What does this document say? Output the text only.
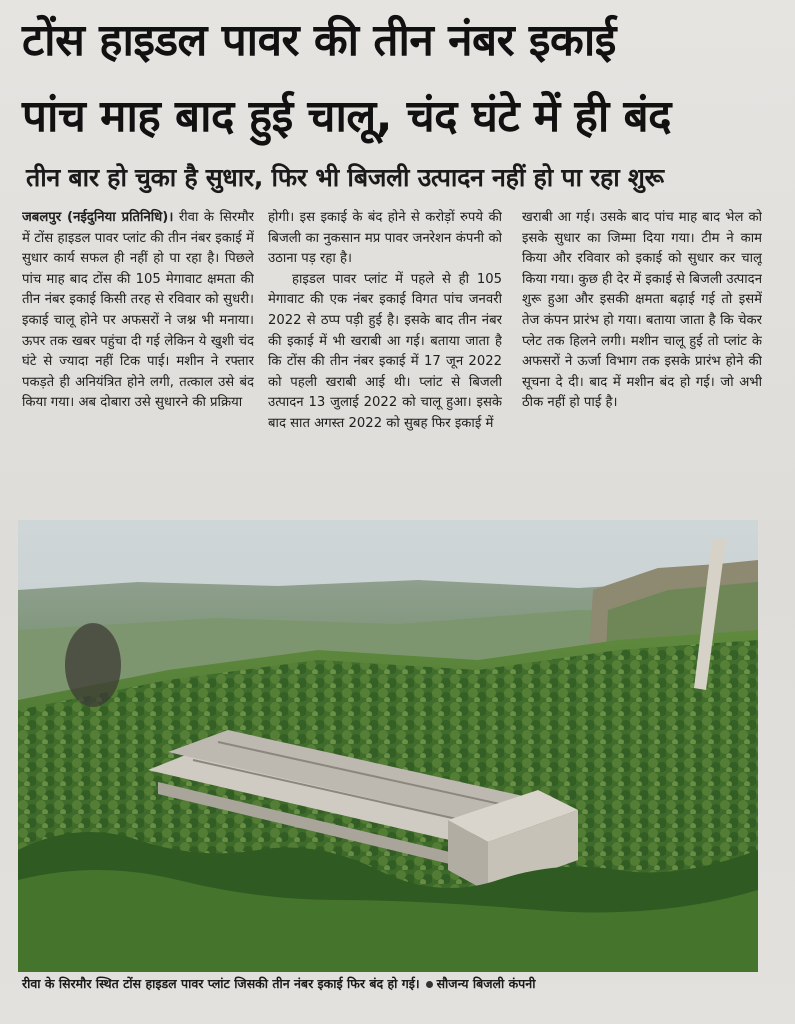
टोंस हाइडल पावर की तीन नंबर इकाई
पांच माह बाद हुई चालू, चंद घंटे में ही बंद
तीन बार हो चुका है सुधार, फिर भी बिजली उत्पादन नहीं हो पा रहा शुरू
जबलपुर (नईदुनिया प्रतिनिधि)। रीवा के सिरमौर में टोंस हाइडल पावर प्लांट की तीन नंबर इकाई में सुधार कार्य सफल ही नहीं हो पा रहा है। पिछले पांच माह बाद टोंस की 105 मेगावाट क्षमता की तीन नंबर इकाई किसी तरह से रविवार को सुधरी। इकाई चालू होने पर अफसरों ने जश्न भी मनाया। ऊपर तक खबर पहुंचा दी गई लेकिन ये खुशी चंद घंटे से ज्यादा नहीं टिक पाई। मशीन ने रफ्तार पकड़ते ही अनियंत्रित होने लगी, तत्काल उसे बंद किया गया। अब दोबारा उसे सुधारने की प्रक्रिया
होगी। इस इकाई के बंद होने से करोड़ों रुपये की बिजली का नुकसान मप्र पावर जनरेशन कंपनी को उठाना पड़ रहा है।
हाइडल पावर प्लांट में पहले से ही 105 मेगावाट की एक नंबर इकाई विगत पांच जनवरी 2022 से ठप्प पड़ी हुई है। इसके बाद तीन नंबर की इकाई में भी खराबी आ गई। बताया जाता है कि टोंस की तीन नंबर इकाई में 17 जून 2022 को पहली खराबी आई थी। प्लांट से बिजली उत्पादन 13 जुलाई 2022 को चालू हुआ। इसके बाद सात अगस्त 2022 को सुबह फिर इकाई में
खराबी आ गई। उसके बाद पांच माह बाद भेल को इसके सुधार का जिम्मा दिया गया। टीम ने काम किया और रविवार को इकाई को सुधार कर चालू किया गया। कुछ ही देर में इकाई से बिजली उत्पादन शुरू हुआ और इसकी क्षमता बढ़ाई गई तो इसमें तेज कंपन प्रारंभ हो गया। बताया जाता है कि चेकर प्लेट तक हिलने लगी। मशीन चालू हुई तो प्लांट के अफसरों ने ऊर्जा विभाग तक इसके प्रारंभ होने की सूचना दे दी। बाद में मशीन बंद हो गई। जो अभी ठीक नहीं हो पाई है।
रीवा के सिरमौर स्थित टोंस हाइडल पावर प्लांट जिसकी तीन नंबर इकाई फिर बंद हो गई। सौजन्य बिजली कंपनी
